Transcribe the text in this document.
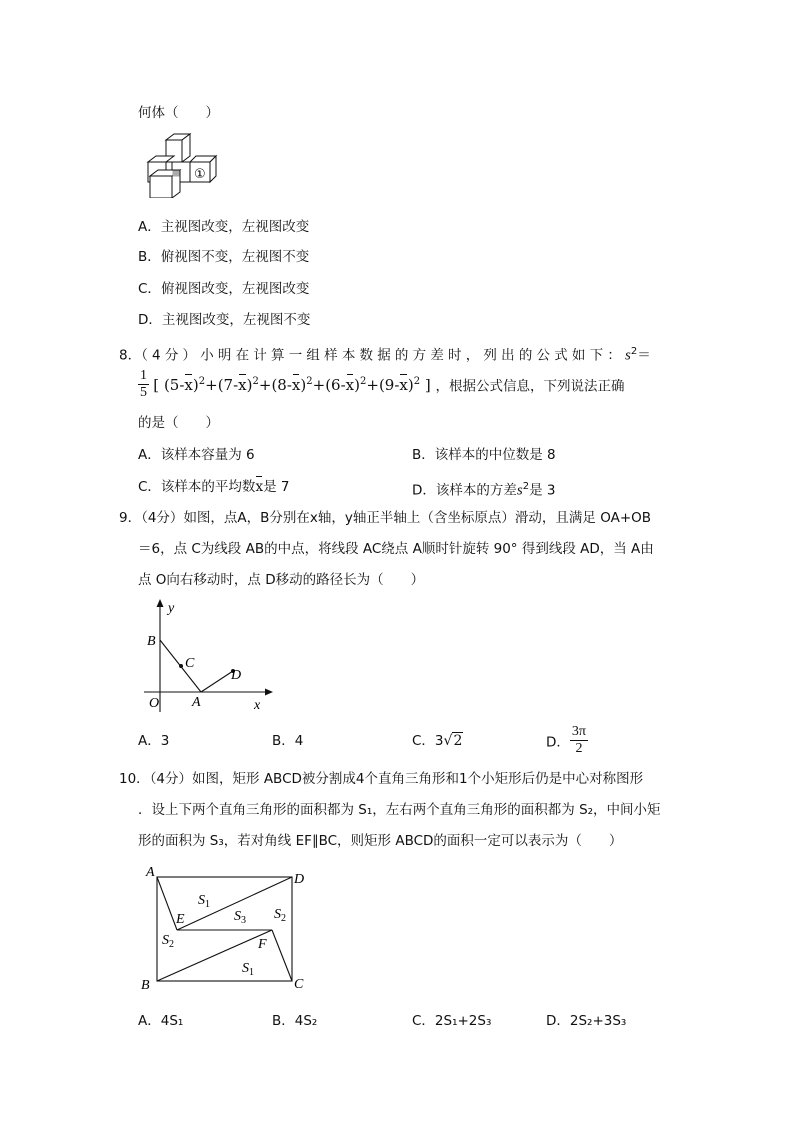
何体（　　）
①
A．主视图改变，左视图改变
B．俯视图不变，左视图不变
C．俯视图改变，左视图改变
D．主视图改变，左视图不变
8．（4分）小明在计算一组样本数据的方差时，列出的公式如下：$s^2=$
$\frac{1}{5}$ [ $(5-x)^2+(7-x)^2+(8-x)^2+(6-x)^2+(9-x)^2$ ] ，根据公式信息，下列说法正确
的是（　　）
A．该样本容量为 6	B．该样本的中位数是 8
C．该样本的平均数x是 7	D．该样本的方差$s^2$是 3
9．（4分）如图，点A，B分别在x轴，y轴正半轴上（含坐标原点）滑动，且满足 OA+OB
＝6，点 C为线段 AB的中点，将线段 AC绕点 A顺时针旋转 90° 得到线段 AD，当 A由
点 O向右移动时，点 D移动的路径长为（　　）
y
B
C
D
O A	x
A．3	B．4	C．3√2	D． $\frac{3\pi}{2}$
10．（4分）如图，矩形 ABCD被分割成4个直角三角形和1个小矩形后仍是中心对称图形
．设上下两个直角三角形的面积都为 S₁，左右两个直角三角形的面积都为 S₂，中间小矩
形的面积为 S₃，若对角线 EF∥BC，则矩形 ABCD的面积一定可以表示为（　　）
A	D
B	C
E
F
$S_1$
$S_3$ $S_2$
$S_2$
$S_1$
A．4S₁	B．4S₂	C．2S₁+2S₃	D．2S₂+3S₃
